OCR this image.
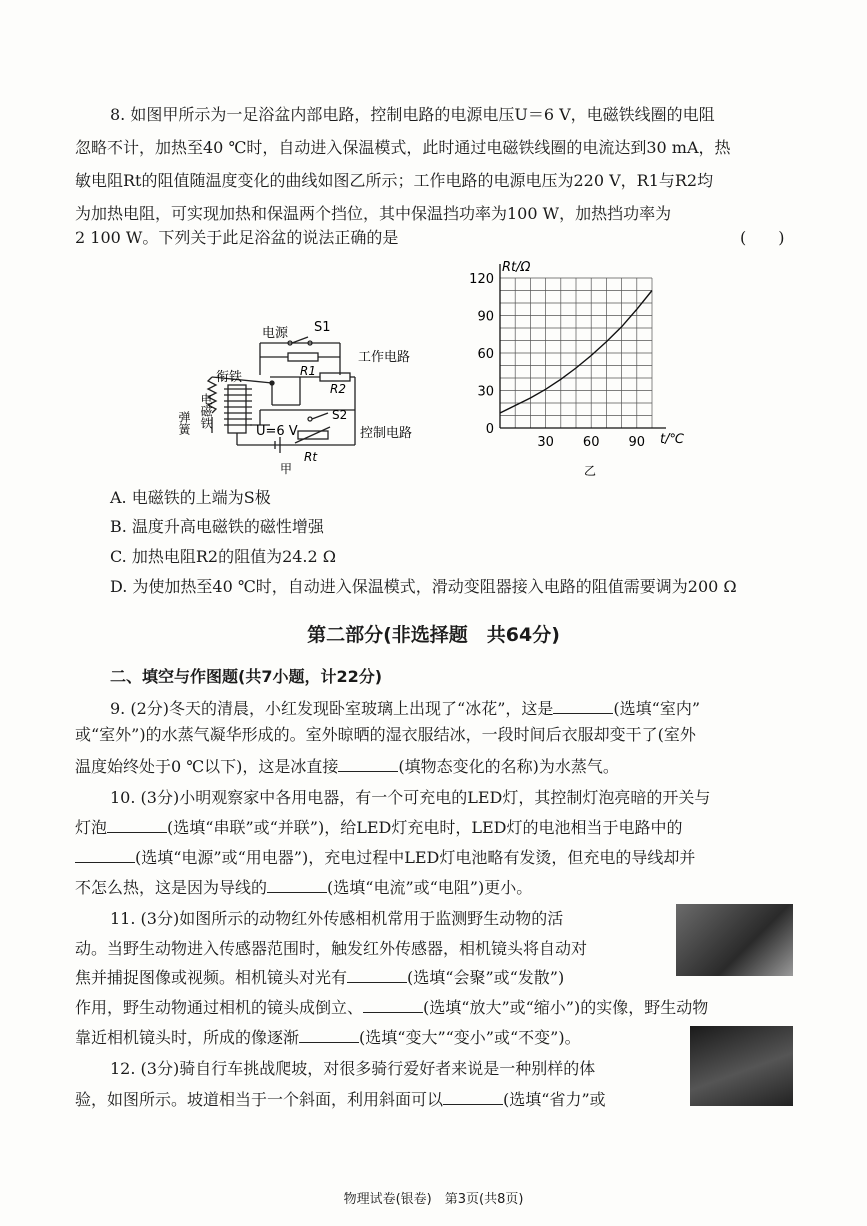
8. 如图甲所示为一足浴盆内部电路，控制电路的电源电压U＝6 V，电磁铁线圈的电阻
忽略不计，加热至40 ℃时，自动进入保温模式，此时通过电磁铁线圈的电流达到30 mA，热
敏电阻Rt的阻值随温度变化的曲线如图乙所示；工作电路的电源电压为220 V，R1与R2均
为加热电阻，可实现加热和保温两个挡位，其中保温挡功率为100 W，加热挡功率为
2 100 W。下列关于此足浴盆的说法正确的是	(　　)
电源 S1
工作电路
R1
R2
衔铁
弹簧 电磁铁	S2
U=6 V	控制电路
Rt
甲
30 60 90
0
30
60
90
120
Rt/Ω
t/℃
乙
A. 电磁铁的上端为S极
B. 温度升高电磁铁的磁性增强
C. 加热电阻R2的阻值为24.2 Ω
D. 为使加热至40 ℃时，自动进入保温模式，滑动变阻器接入电路的阻值需要调为200 Ω
第二部分(非选择题　共64分)
二、填空与作图题(共7小题，计22分)
9. (2分)冬天的清晨，小红发现卧室玻璃上出现了“冰花”，这是	(选填“室内”
或“室外”)的水蒸气凝华形成的。室外晾晒的湿衣服结冰，一段时间后衣服却变干了(室外
温度始终处于0 ℃以下)，这是冰直接	(填物态变化的名称)为水蒸气。
10. (3分)小明观察家中各用电器，有一个可充电的LED灯，其控制灯泡亮暗的开关与
灯泡	(选填“串联”或“并联”)，给LED灯充电时，LED灯的电池相当于电路中的
(选填“电源”或“用电器”)，充电过程中LED灯电池略有发烫，但充电的导线却并
不怎么热，这是因为导线的	(选填“电流”或“电阻”)更小。
11. (3分)如图所示的动物红外传感相机常用于监测野生动物的活
动。当野生动物进入传感器范围时，触发红外传感器，相机镜头将自动对
焦并捕捉图像或视频。相机镜头对光有	(选填“会聚”或“发散”)
作用，野生动物通过相机的镜头成倒立、	(选填“放大”或“缩小”)的实像，野生动物
靠近相机镜头时，所成的像逐渐	(选填“变大”“变小”或“不变”)。
12. (3分)骑自行车挑战爬坡，对很多骑行爱好者来说是一种别样的体
验，如图所示。坡道相当于一个斜面，利用斜面可以	(选填“省力”或
物理试卷(银卷)　第3页(共8页)
